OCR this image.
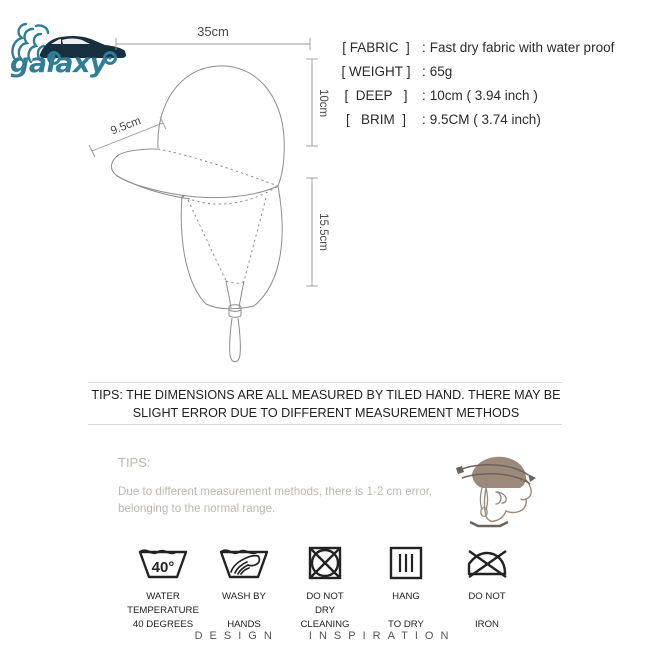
galaxy
35cm
9.5cm
10cm
15.5cm
[ FABRIC  ] : Fast dry fabric with water proof
[ WEIGHT ] : 65g
[  DEEP   ]	: 10cm ( 3.94 inch )
[   BRIM  ]	: 9.5CM ( 3.74 inch)
TIPS: THE DIMENSIONS ARE ALL MEASURED BY TILED HAND. THERE MAY BE SLIGHT ERROR DUE TO DIFFERENT MEASUREMENT METHODS
TIPS:
Due to different measurement methods, there is 1-2 cm error, belonging to the normal range.
40°
WATER
TEMPERATURE
40 DEGREES
WASH BY

HANDS
DO NOT
DRY
CLEANING
HANG

TO DRY
DO NOT

IRON
DESIGN   INSPIRATION
